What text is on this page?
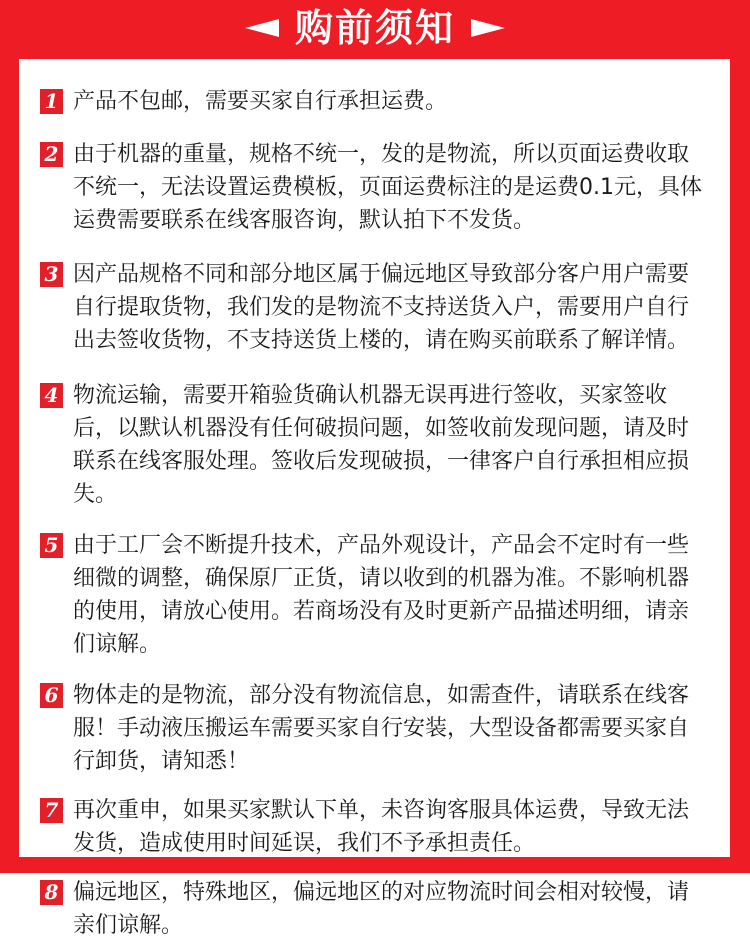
购前须知
1 产品不包邮，需要买家自行承担运费。
2 由于机器的重量，规格不统一，发的是物流，所以页面运费收取不统一，无法设置运费模板，页面运费标注的是运费0.1元，具体运费需要联系在线客服咨询，默认拍下不发货。
3 因产品规格不同和部分地区属于偏远地区导致部分客户用户需要自行提取货物，我们发的是物流不支持送货入户，需要用户自行出去签收货物，不支持送货上楼的，请在购买前联系了解详情。
4 物流运输，需要开箱验货确认机器无误再进行签收，买家签收后，以默认机器没有任何破损问题，如签收前发现问题，请及时联系在线客服处理。签收后发现破损，一律客户自行承担相应损失。
5 由于工厂会不断提升技术，产品外观设计，产品会不定时有一些细微的调整，确保原厂正货，请以收到的机器为准。不影响机器的使用，请放心使用。若商场没有及时更新产品描述明细，请亲们谅解。
6 物体走的是物流，部分没有物流信息，如需查件，请联系在线客服！手动液压搬运车需要买家自行安装，大型设备都需要买家自行卸货，请知悉！
7 再次重申，如果买家默认下单，未咨询客服具体运费，导致无法发货，造成使用时间延误，我们不予承担责任。
8 偏远地区，特殊地区，偏远地区的对应物流时间会相对较慢，请亲们谅解。
